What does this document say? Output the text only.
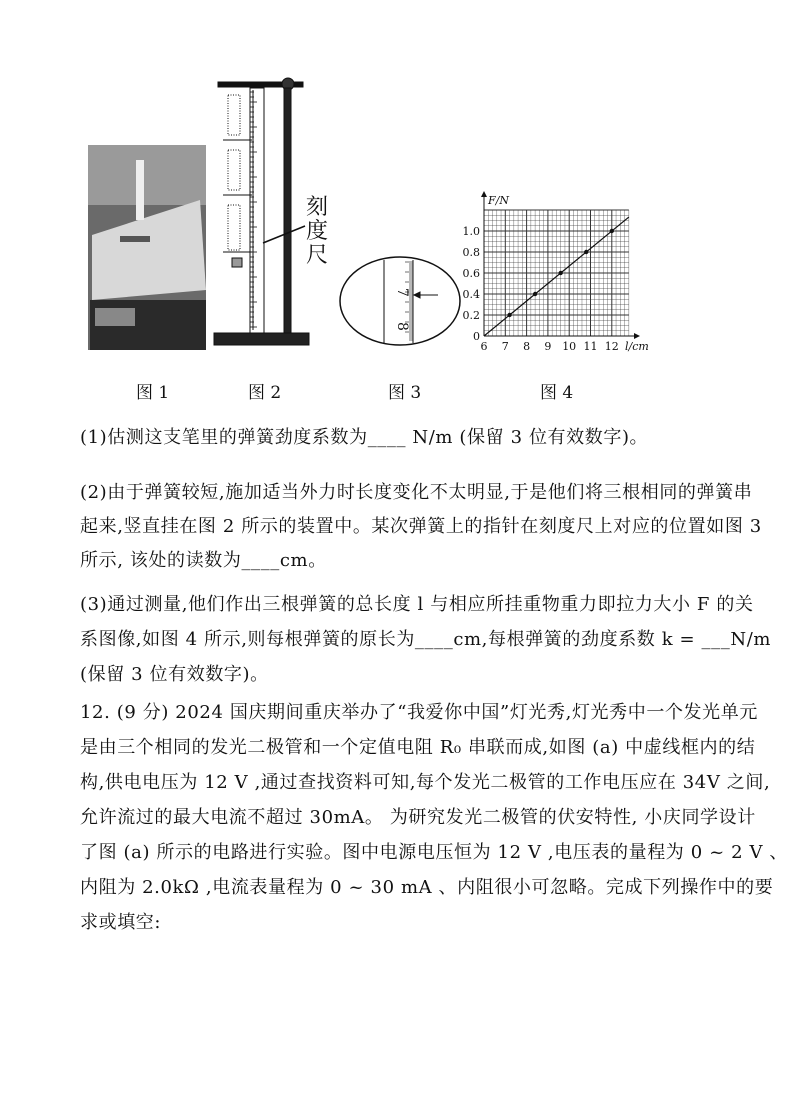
刻度尺
7
8
6 7 8 9 10 11 12
0
0.2
0.4
0.6
0.8
1.0
l/cm
F/N
图 1	图 2	图 3	图 4
(1)估测这支笔里的弹簧劲度系数为____ N/m (保留 3 位有效数字)。
(2)由于弹簧较短,施加适当外力时长度变化不太明显,于是他们将三根相同的弹簧串
起来,竖直挂在图 2 所示的装置中。某次弹簧上的指针在刻度尺上对应的位置如图 3
所示, 该处的读数为____cm。
(3)通过测量,他们作出三根弹簧的总长度 l 与相应所挂重物重力即拉力大小 F 的关
系图像,如图 4 所示,则每根弹簧的原长为____cm,每根弹簧的劲度系数 k = ___N/m
(保留 3 位有效数字)。
12. (9 分) 2024 国庆期间重庆举办了“我爱你中国”灯光秀,灯光秀中一个发光单元
是由三个相同的发光二极管和一个定值电阻 R₀ 串联而成,如图 (a) 中虚线框内的结
构,供电电压为 12 V ,通过查找资料可知,每个发光二极管的工作电压应在 34V 之间,
允许流过的最大电流不超过 30mA。 为研究发光二极管的伏安特性, 小庆同学设计
了图 (a) 所示的电路进行实验。图中电源电压恒为 12 V ,电压表的量程为 0 ~ 2 V 、
内阻为 2.0kΩ ,电流表量程为 0 ~ 30 mA 、内阻很小可忽略。完成下列操作中的要
求或填空:
